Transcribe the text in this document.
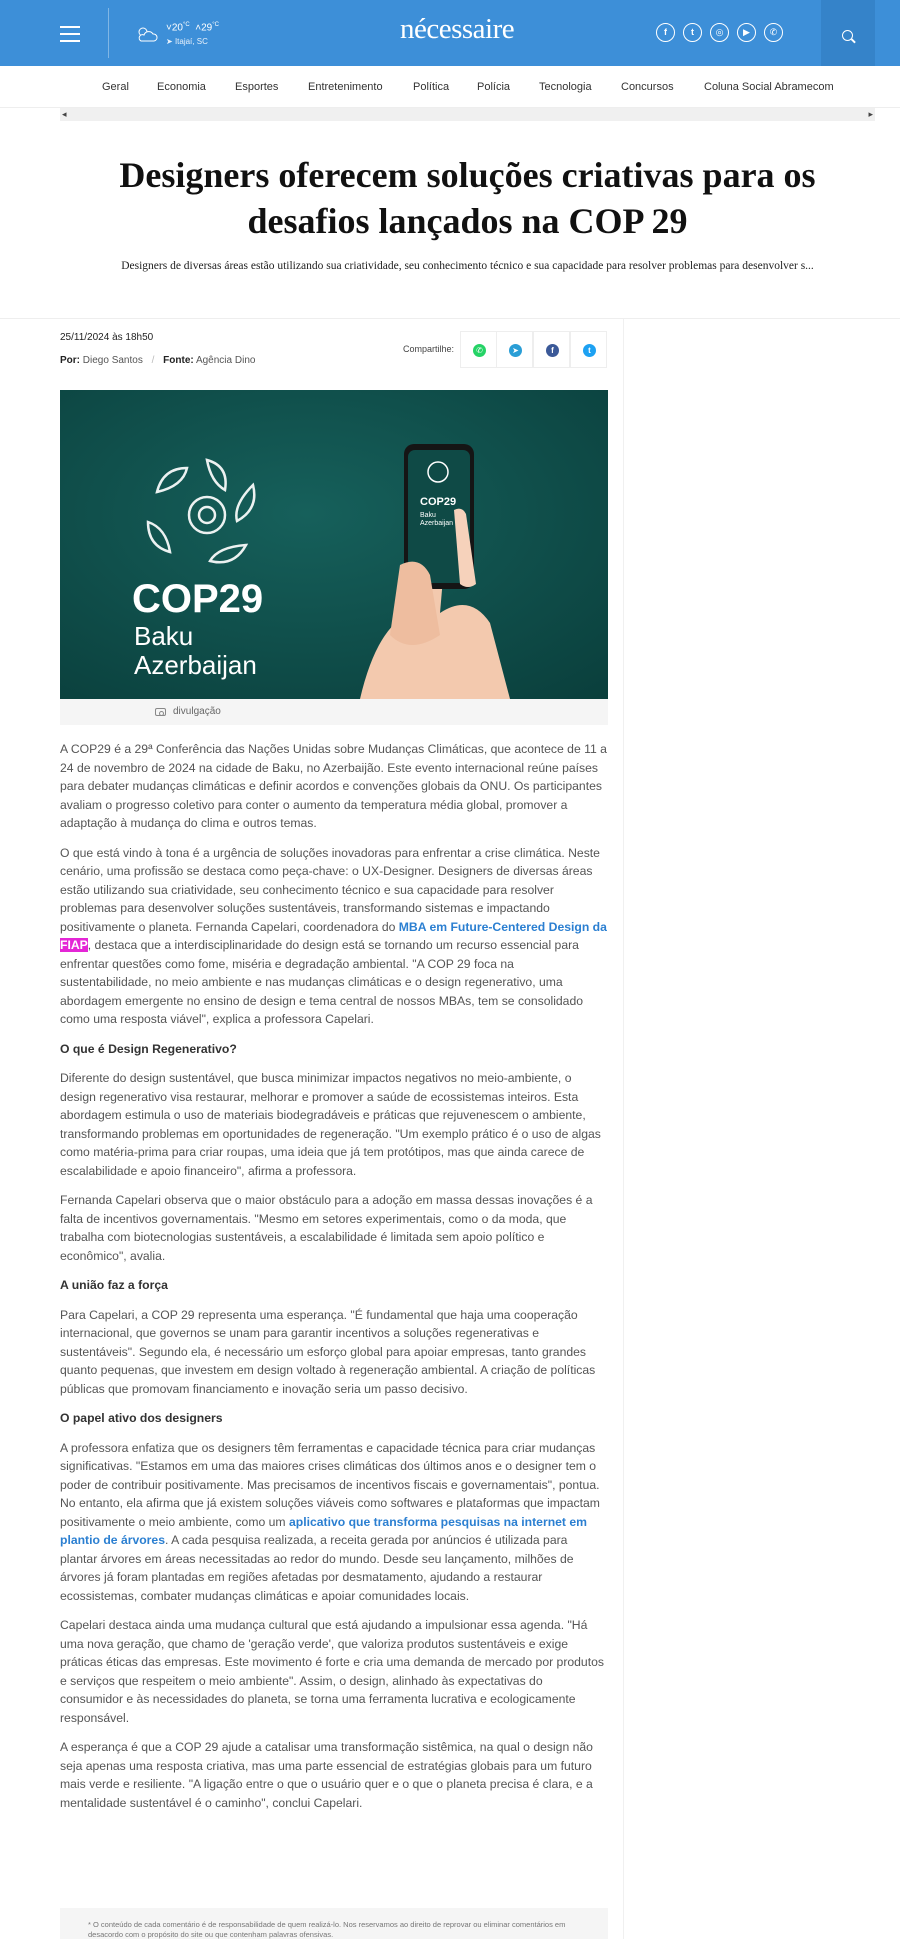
$˅20^{^\circ C}$ $˄29^{^\circ C}$
➤ Itajaí, SC	nécessaire	f	t	◎	▶	✆
Geral	Economia	Esportes	Entretenimento	Política	Polícia	Tecnologia	Concursos	Coluna Social Abramecom
◂	▸
Designers oferecem soluções criativas para os desafios lançados na COP 29
Designers de diversas áreas estão utilizando sua criatividade, seu conhecimento técnico e sua capacidade para resolver problemas para desenvolver s...
25/11/2024 às 18h50
Por: Diego Santos / Fonte: Agência Dino
Compartilhe:	✆	➤	f	t
COP29
Baku
Azerbaijan
COP29
Baku
Azerbaijan
divulgação

A COP29 é a 29ª Conferência das Nações Unidas sobre Mudanças Climáticas, que acontece de 11 a 24 de novembro de 2024 na cidade de Baku, no Azerbaijão. Este evento internacional reúne países para debater mudanças climáticas e definir acordos e convenções globais da ONU. Os participantes avaliam o progresso coletivo para conter o aumento da temperatura média global, promover a adaptação à mudança do clima e outros temas.

O que está vindo à tona é a urgência de soluções inovadoras para enfrentar a crise climática. Neste cenário, uma profissão se destaca como peça-chave: o UX-Designer. Designers de diversas áreas estão utilizando sua criatividade, seu conhecimento técnico e sua capacidade para resolver problemas para desenvolver soluções sustentáveis, transformando sistemas e impactando positivamente o planeta. Fernanda Capelari, coordenadora do MBA em Future-Centered Design da FIAP, destaca que a interdisciplinaridade do design está se tornando um recurso essencial para enfrentar questões como fome, miséria e degradação ambiental. "A COP 29 foca na sustentabilidade, no meio ambiente e nas mudanças climáticas e o design regenerativo, uma abordagem emergente no ensino de design e tema central de nossos MBAs, tem se consolidado como uma resposta viável", explica a professora Capelari.

O que é Design Regenerativo?

Diferente do design sustentável, que busca minimizar impactos negativos no meio-ambiente, o design regenerativo visa restaurar, melhorar e promover a saúde de ecossistemas inteiros. Esta abordagem estimula o uso de materiais biodegradáveis e práticas que rejuvenescem o ambiente, transformando problemas em oportunidades de regeneração. "Um exemplo prático é o uso de algas como matéria-prima para criar roupas, uma ideia que já tem protótipos, mas que ainda carece de escalabilidade e apoio financeiro", afirma a professora.

Fernanda Capelari observa que o maior obstáculo para a adoção em massa dessas inovações é a falta de incentivos governamentais. "Mesmo em setores experimentais, como o da moda, que trabalha com biotecnologias sustentáveis, a escalabilidade é limitada sem apoio político e econômico", avalia.

A união faz a força

Para Capelari, a COP 29 representa uma esperança. "É fundamental que haja uma cooperação internacional, que governos se unam para garantir incentivos a soluções regenerativas e sustentáveis". Segundo ela, é necessário um esforço global para apoiar empresas, tanto grandes quanto pequenas, que investem em design voltado à regeneração ambiental. A criação de políticas públicas que promovam financiamento e inovação seria um passo decisivo.

O papel ativo dos designers

A professora enfatiza que os designers têm ferramentas e capacidade técnica para criar mudanças significativas. "Estamos em uma das maiores crises climáticas dos últimos anos e o designer tem o poder de contribuir positivamente. Mas precisamos de incentivos fiscais e governamentais", pontua. No entanto, ela afirma que já existem soluções viáveis como softwares e plataformas que impactam positivamente o meio ambiente, como um aplicativo que transforma pesquisas na internet em plantio de árvores. A cada pesquisa realizada, a receita gerada por anúncios é utilizada para plantar árvores em áreas necessitadas ao redor do mundo. Desde seu lançamento, milhões de árvores já foram plantadas em regiões afetadas por desmatamento, ajudando a restaurar ecossistemas, combater mudanças climáticas e apoiar comunidades locais.

Capelari destaca ainda uma mudança cultural que está ajudando a impulsionar essa agenda. "Há uma nova geração, que chamo de 'geração verde', que valoriza produtos sustentáveis e exige práticas éticas das empresas. Este movimento é forte e cria uma demanda de mercado por produtos e serviços que respeitem o meio ambiente". Assim, o design, alinhado às expectativas do consumidor e às necessidades do planeta, se torna uma ferramenta lucrativa e ecologicamente responsável.

A esperança é que a COP 29 ajude a catalisar uma transformação sistêmica, na qual o design não seja apenas uma resposta criativa, mas uma parte essencial de estratégias globais para um futuro mais verde e resiliente. "A ligação entre o que o usuário quer e o que o planeta precisa é clara, e a mentalidade sustentável é o caminho", conclui Capelari.

* O conteúdo de cada comentário é de responsabilidade de quem realizá-lo. Nos reservamos ao direito de reprovar ou eliminar comentários em desacordo com o propósito do site ou que contenham palavras ofensivas.
